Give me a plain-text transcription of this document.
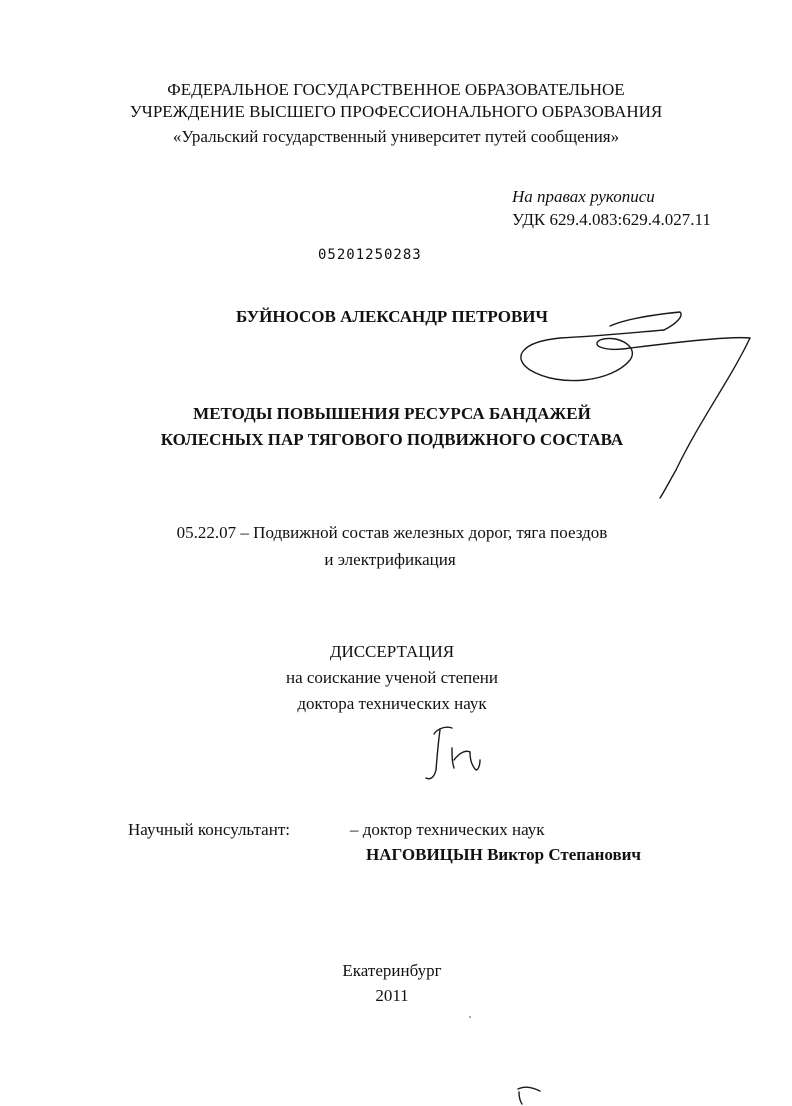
ФЕДЕРАЛЬНОЕ ГОСУДАРСТВЕННОЕ ОБРАЗОВАТЕЛЬНОЕ
УЧРЕЖДЕНИЕ ВЫСШЕГО ПРОФЕССИОНАЛЬНОГО ОБРАЗОВАНИЯ
«Уральский государственный университет путей сообщения»
На правах рукописи
УДК 629.4.083:629.4.027.11
05201250283
БУЙНОСОВ АЛЕКСАНДР ПЕТРОВИЧ
МЕТОДЫ ПОВЫШЕНИЯ РЕСУРСА БАНДАЖЕЙ
КОЛЕСНЫХ ПАР ТЯГОВОГО ПОДВИЖНОГО СОСТАВА
05.22.07 – Подвижной состав железных дорог, тяга поездов
и электрификация
ДИССЕРТАЦИЯ
на соискание ученой степени
доктора технических наук
Научный консультант:	– доктор технических наук
НАГОВИЦЫН Виктор Степанович
Екатеринбург
2011
